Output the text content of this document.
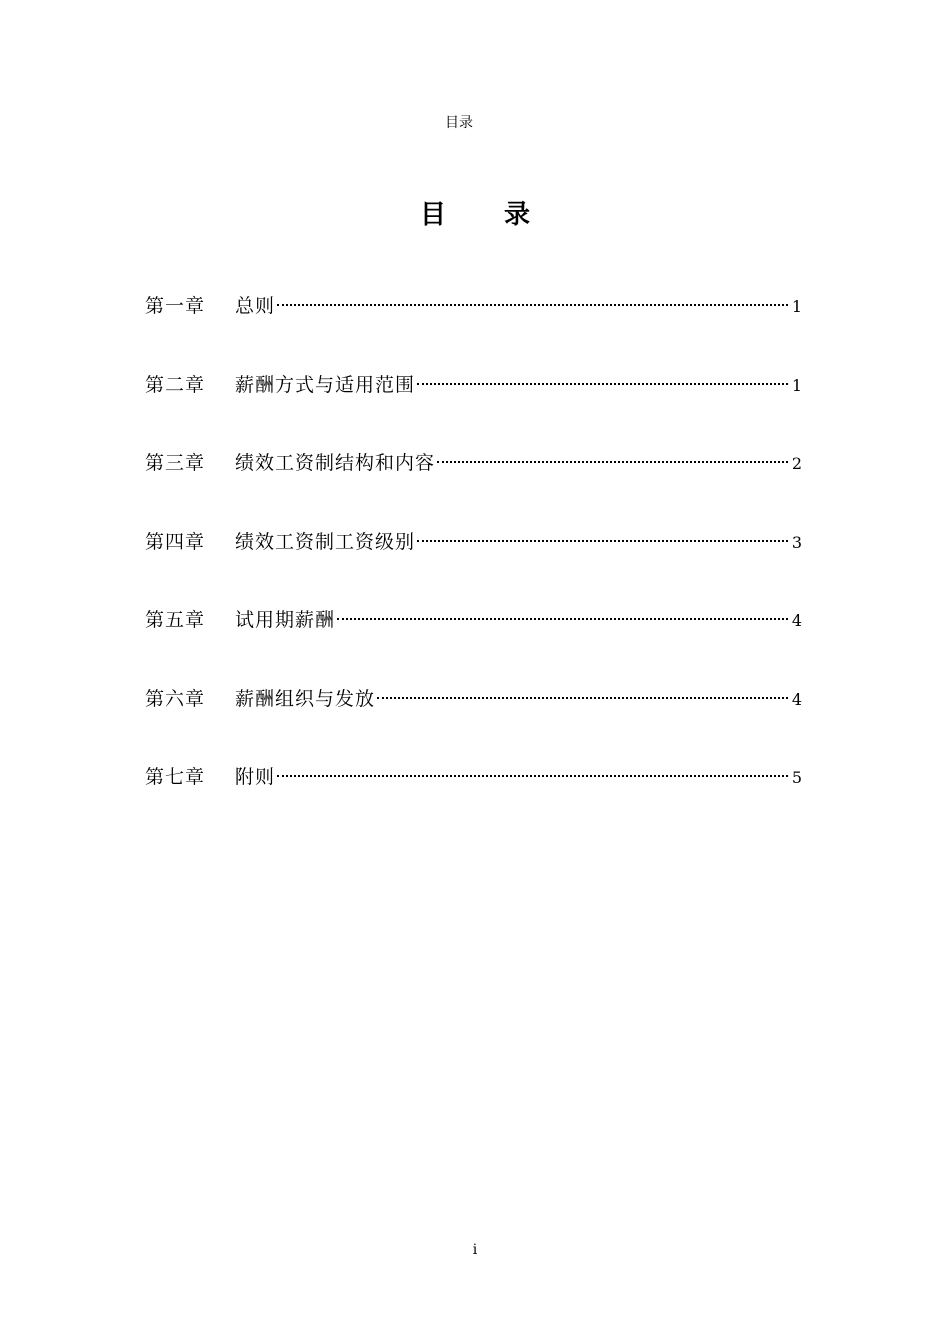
目录
目 录
第一章	总则	1
第二章	薪酬方式与适用范围	1
第三章	绩效工资制结构和内容	2
第四章	绩效工资制工资级别	3
第五章	试用期薪酬	4
第六章	薪酬组织与发放	4
第七章	附则	5
i
